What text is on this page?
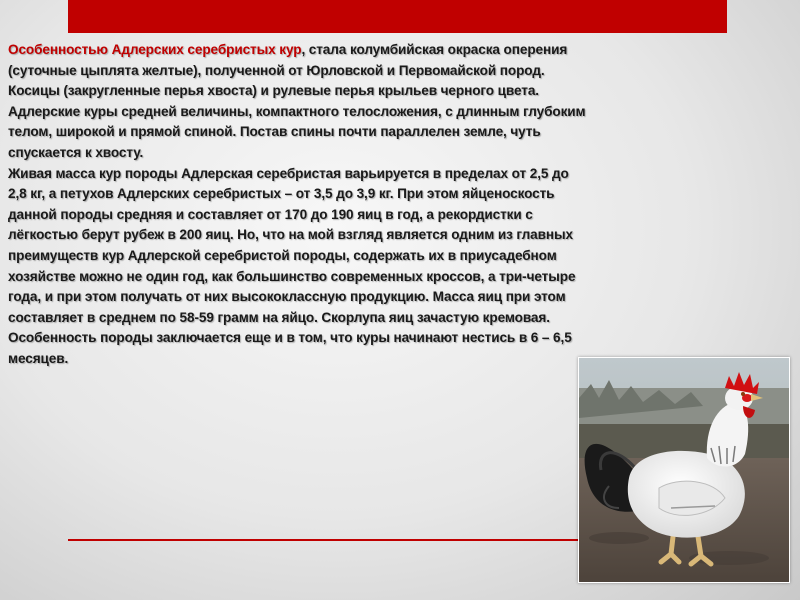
Особенностью Адлерских серебристых кур, стала колумбийская окраска оперения (суточные цыплята желтые), полученной от Юрловской и Первомайской пород. Косицы (закругленные перья хвоста) и рулевые перья крыльев черного цвета. Адлерские куры средней величины, компактного телосложения, с длинным глубоким телом, широкой и прямой спиной. Постав спины почти параллелен земле, чуть спускается к хвосту.
Живая масса кур породы Адлерская серебристая варьируется в пределах от 2,5 до 2,8 кг, а петухов Адлерских серебристых – от 3,5 до 3,9 кг. При этом яйценоскость данной породы средняя и составляет от 170 до 190 яиц в год, а рекордистки с лёгкостью берут рубеж в 200 яиц. Но, что на мой взгляд является одним из главных преимуществ кур Адлерской серебристой породы, содержать их в приусадебном хозяйстве можно не один год, как большинство современных кроссов, а три-четыре года, и при этом получать от них высококлассную продукцию. Масса яиц при этом составляет в среднем по 58-59 грамм на яйцо. Скорлупа яиц зачастую кремовая. Особенность породы заключается еще и в том, что куры начинают нестись в 6 – 6,5 месяцев.
